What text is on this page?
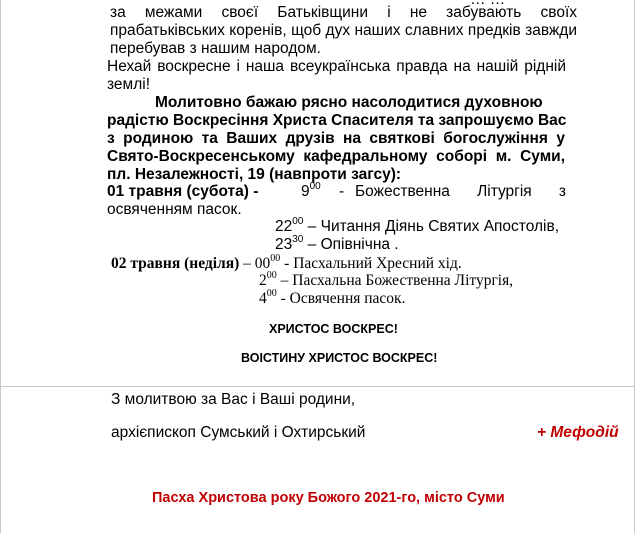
за межами своєї Батьківщини і не забувають своїх
прабатьківських коренів, щоб дух наших славних предків завжди
перебував з нашим народом.
Нехай воскресне і наша всеукраїнська правда на нашій рідній
землі!
Молитовно бажаю рясно насолодитися духовною
радістю Воскресіння Христа Спасителя та запрошуємо Вас
з родиною та Ваших друзів на святкові богослужіння у
Свято-Воскресенському кафедральному соборі м. Суми,
пл. Незалежності, 19 (навпроти загсу):
01 травня (субота) -	$9^{00}$ - Божественна Літургія з
освяченням пасок.
$22^{00}$ – Читання Діянь Святих Апостолів,
$23^{30}$ – Опівнічна .
02 травня (неділя) – $00^{00}$ - Пасхальний Хресний хід.
$2^{00}$ – Пасхальна Божественна Літургія,
$4^{00}$ - Освячення пасок.
ХРИСТОС ВОСКРЕС!
ВОІСТИНУ ХРИСТОС ВОСКРЕС!
З молитвою за Вас і Ваші родини,
архієпископ Сумський і Охтирський	+ Мефодій
Пасха Христова року Божого 2021-го, місто Суми
